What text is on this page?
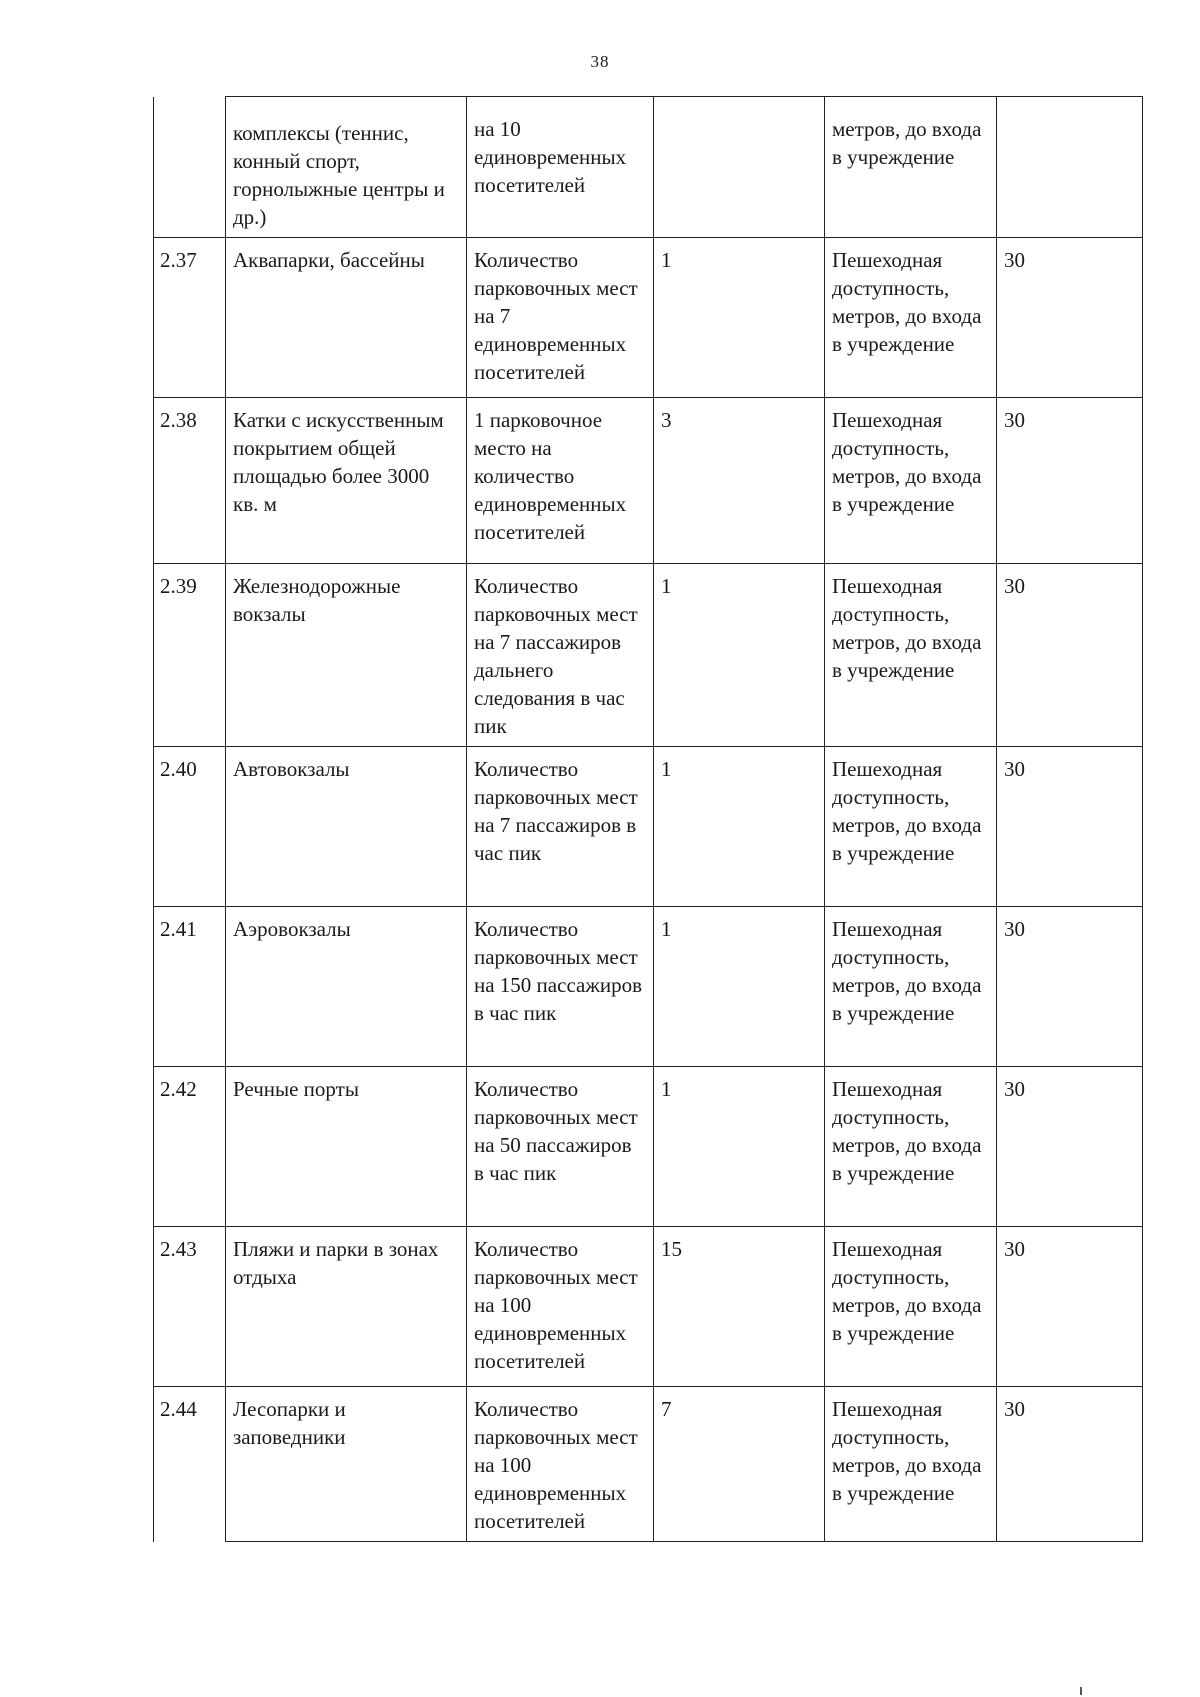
38
	комплексы (теннис, конный спорт, горнолыжные центры и др.)	на 10 единовременных посетителей		метров, до входа в учреждение	
2.37	Аквапарки, бассейны	Количество парковочных мест на 7 единовременных посетителей	1	Пешеходная доступность, метров, до входа в учреждение	30
2.38	Катки с искусственным покрытием общей площадью более 3000 кв. м	1 парковочное место на количество единовременных посетителей	3	Пешеходная доступность, метров, до входа в учреждение	30
2.39	Железнодорожные вокзалы	Количество парковочных мест на 7 пассажиров дальнего следования в час пик	1	Пешеходная доступность, метров, до входа в учреждение	30
2.40	Автовокзалы	Количество парковочных мест на 7 пассажиров в час пик	1	Пешеходная доступность, метров, до входа в учреждение	30
2.41	Аэровокзалы	Количество парковочных мест на 150 пассажиров в час пик	1	Пешеходная доступность, метров, до входа в учреждение	30
2.42	Речные порты	Количество парковочных мест на 50 пассажиров в час пик	1	Пешеходная доступность, метров, до входа в учреждение	30
2.43	Пляжи и парки в зонах отдыха	Количество парковочных мест на 100 единовременных посетителей	15	Пешеходная доступность, метров, до входа в учреждение	30
2.44	Лесопарки и заповедники	Количество парковочных мест на 100 единовременных посетителей	7	Пешеходная доступность, метров, до входа в учреждение	30
